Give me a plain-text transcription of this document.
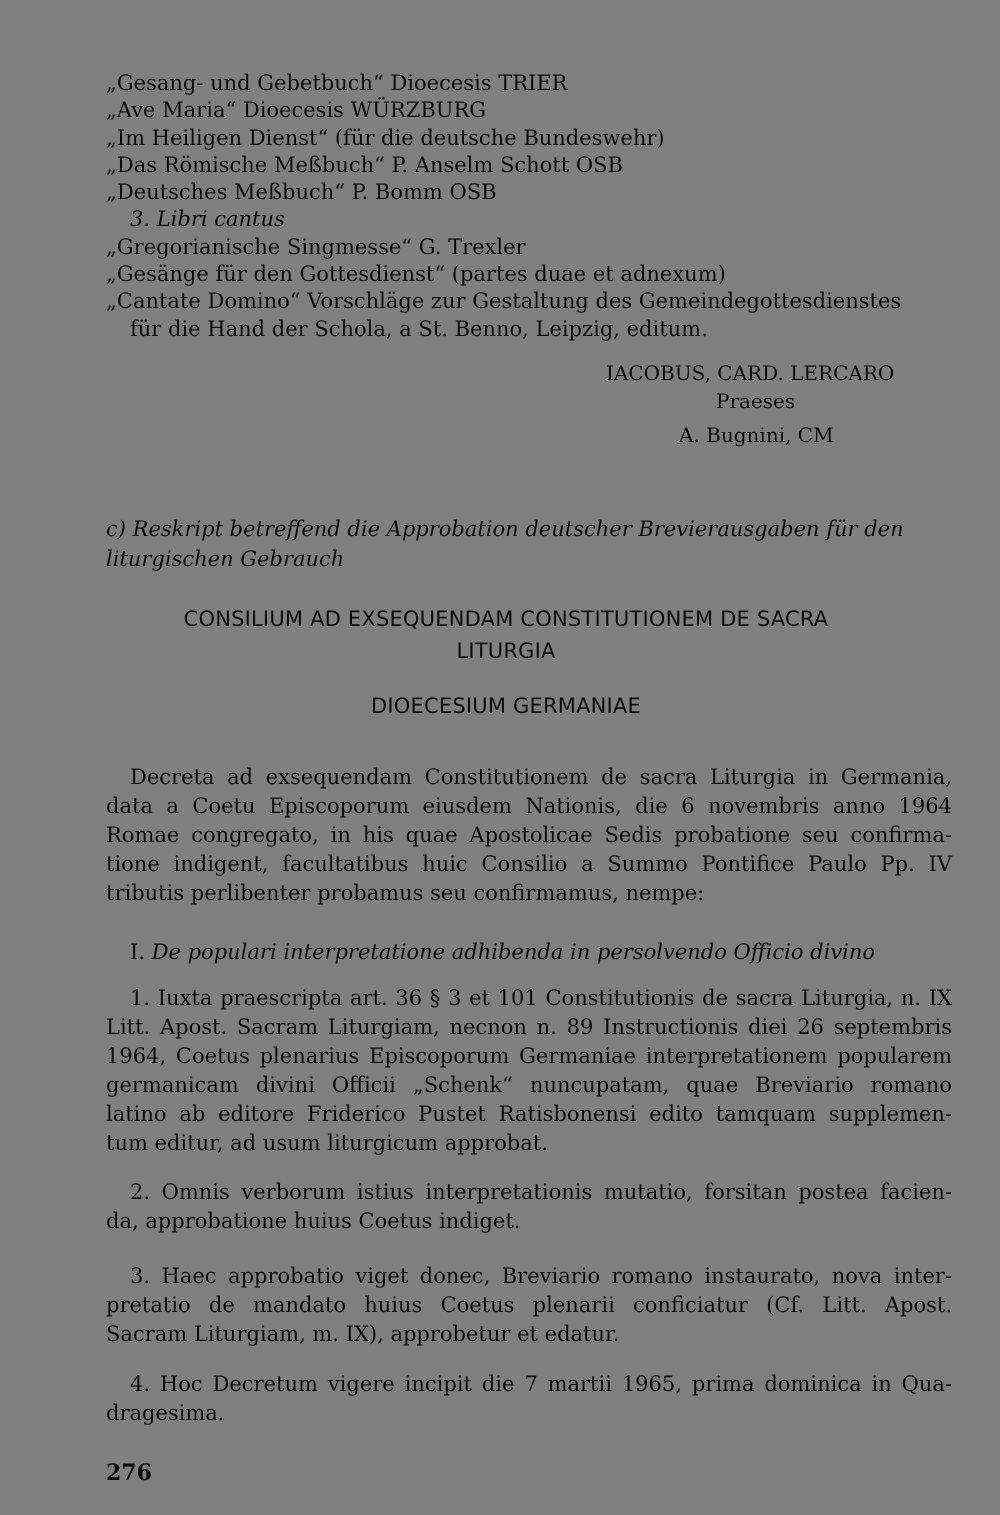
„Gesang- und Gebetbuch“ Dioecesis TRIER
„Ave Maria“ Dioecesis WÜRZBURG
„Im Heiligen Dienst“ (für die deutsche Bundeswehr)
„Das Römische Meßbuch“ P. Anselm Schott OSB
„Deutsches Meßbuch“ P. Bomm OSB
3. Libri cantus
„Gregorianische Singmesse“ G. Trexler
„Gesänge für den Gottesdienst“ (partes duae et adnexum)
„Cantate Domino“ Vorschläge zur Gestaltung des Gemeindegottesdienstes
für die Hand der Schola, a St. Benno, Leipzig, editum.
IACOBUS, CARD. LERCARO
Praeses
A. Bugnini, CM
c) Reskript betreffend die Approbation deutscher Brevierausgaben für den
liturgischen Gebrauch
CONSILIUM AD EXSEQUENDAM CONSTITUTIONEM DE SACRA
LITURGIA
DIOECESIUM GERMANIAE
Decreta ad exsequendam Constitutionem de sacra Liturgia in Germania,
data a Coetu Episcoporum eiusdem Nationis, die 6 novembris anno 1964
Romae congregato, in his quae Apostolicae Sedis probatione seu confirma-
tione indigent, facultatibus huic Consilio a Summo Pontifice Paulo Pp. IV
tributis perlibenter probamus seu confirmamus, nempe:
I. De populari interpretatione adhibenda in persolvendo Officio divino
1. Iuxta praescripta art. 36 § 3 et 101 Constitutionis de sacra Liturgia, n. IX
Litt. Apost. Sacram Liturgiam, necnon n. 89 Instructionis diei 26 septembris
1964, Coetus plenarius Episcoporum Germaniae interpretationem popularem
germanicam divini Officii „Schenk“ nuncupatam, quae Breviario romano
latino ab editore Friderico Pustet Ratisbonensi edito tamquam supplemen-
tum editur, ad usum liturgicum approbat.
2. Omnis verborum istius interpretationis mutatio, forsitan postea facien-
da, approbatione huius Coetus indiget.
3. Haec approbatio viget donec, Breviario romano instaurato, nova inter-
pretatio de mandato huius Coetus plenarii conficiatur (Cf. Litt. Apost.
Sacram Liturgiam, m. IX), approbetur et edatur.
4. Hoc Decretum vigere incipit die 7 martii 1965, prima dominica in Qua-
dragesima.
276
